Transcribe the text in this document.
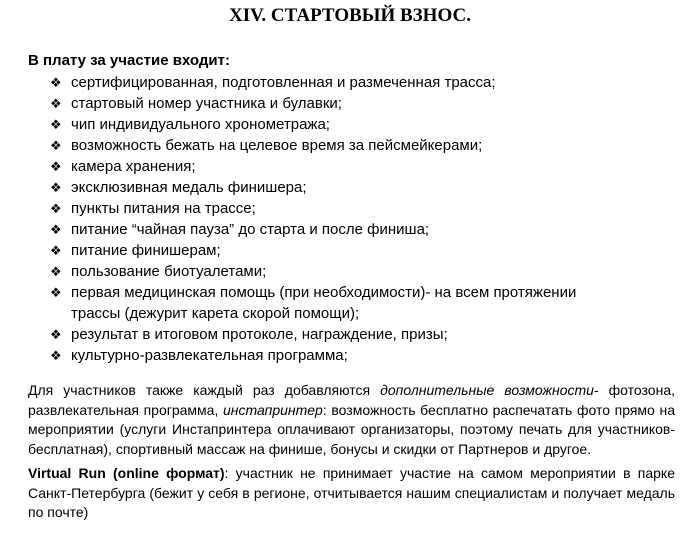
XIV. СТАРТОВЫЙ ВЗНОС.

В плату за участие входит:

❖ сертифицированная, подготовленная и размеченная трасса;
❖ стартовый номер участника и булавки;
❖ чип индивидуального хронометража;
❖ возможность бежать на целевое время за пейсмейкерами;
❖ камера хранения;
❖ эксклюзивная медаль финишера;
❖ пункты питания на трассе;
❖ питание “чайная пауза” до старта и после финиша;
❖ питание финишерам;
❖ пользование биотуалетами;
❖ первая медицинская помощь (при необходимости)- на всем протяжении трассы (дежурит карета скорой помощи);
❖ результат в итоговом протоколе, награждение, призы;
❖ культурно-развлекательная программа;

Для участников также каждый раз добавляются дополнительные возможности- фотозона, развлекательная программа, инстапринтер: возможность бесплатно распечатать фото прямо на мероприятии (услуги Инстапринтера оплачивают организаторы, поэтому печать для участников-бесплатная), спортивный массаж на финише, бонусы и скидки от Партнеров и другое.

Virtual Run (online формат): участник не принимает участие на самом мероприятии в парке Санкт-Петербурга (бежит у себя в регионе, отчитывается нашим специалистам и получает медаль по почте)
